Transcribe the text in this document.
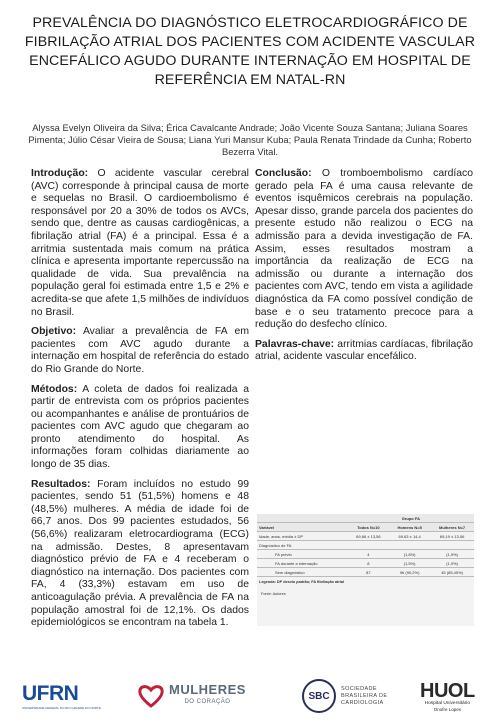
PREVALÊNCIA DO DIAGNÓSTICO ELETROCARDIOGRÁFICO DE FIBRILAÇÃO ATRIAL DOS PACIENTES COM ACIDENTE VASCULAR ENCEFÁLICO AGUDO DURANTE INTERNAÇÃO EM HOSPITAL DE REFERÊNCIA EM NATAL-RN
Alyssa Evelyn Oliveira da Silva; Érica Cavalcante Andrade; João Vicente Souza Santana; Juliana Soares Pimenta; Júlio César Vieira de Sousa; Liana Yuri Mansur Kuba; Paula Renata Trindade da Cunha; Roberto Bezerra Vital.

Introdução: O acidente vascular cerebral (AVC) corresponde à principal causa de morte e sequelas no Brasil. O cardioembolismo é responsável por 20 a 30% de todos os AVCs, sendo que, dentre as causas cardiogênicas, a fibrilação atrial (FA) é a principal. Essa é a arritmia sustentada mais comum na prática clínica e apresenta importante repercussão na qualidade de vida. Sua prevalência na população geral foi estimada entre 1,5 e 2% e acredita-se que afete 1,5 milhões de indivíduos no Brasil.

Objetivo: Avaliar a prevalência de FA em pacientes com AVC agudo durante a internação em hospital de referência do estado do Rio Grande do Norte.

Métodos: A coleta de dados foi realizada a partir de entrevista com os próprios pacientes ou acompanhantes e análise de prontuários de pacientes com AVC agudo que chegaram ao pronto atendimento do hospital. As informações foram colhidas diariamente ao longo de 35 dias.

Resultados: Foram incluídos no estudo 99 pacientes, sendo 51 (51,5%) homens e 48 (48,5%) mulheres. A média de idade foi de 66,7 anos. Dos 99 pacientes estudados, 56 (56,6%) realizaram eletrocardiograma (ECG) na admissão. Destes, 8 apresentavam diagnóstico prévio de FA e 4 receberam o diagnóstico na internação. Dos pacientes com FA, 4 (33,3%) estavam em uso de anticoagulação prévia. A prevalência de FA na população amostral foi de 12,1%. Os dados epidemiológicos se encontram na tabela 1.

Conclusão: O tromboembolismo cardíaco gerado pela FA é uma causa relevante de eventos isquêmicos cerebrais na população. Apesar disso, grande parcela dos pacientes do presente estudo não realizou o ECG na admissão para a devida investigação de FA. Assim, esses resultados mostram a importância da realização de ECG na admissão ou durante a internação dos pacientes com AVC, tendo em vista a agilidade diagnóstica da FA como possível condição de base e o seu tratamento precoce para a redução do desfecho clínico.

Palavras-chave: arritmias cardíacas, fibrilação atrial, acidente vascular encefálico.

	Grupo FA		
Variável	Todos N=10	Homens N=5	Mulheres N=7
Idade, anos, média ± DP	69,66 ± 13,56	69,63 ± 14,4	69,19 ± 13,56
Diagnóstico de FA			
FA prévio	4	(1,8%)	(1,9%)
FA durante a internação	8	(1,5%)	(1,9%)
Sem diagnóstico	87	96 (90,2%)	45 (85,45%)
Legenda: DP desvio padrão; FA fibrilação atrial
Fonte: Autores
UFRN
UNIVERSIDADE FEDERAL DO RIO GRANDE DO NORTE
MULHERES
DO CORAÇÃO
SBC
SOCIEDADE
BRASILEIRA DE
CARDIOLOGIA
HUOL
Hospital Universitário
Onofre Lopes
